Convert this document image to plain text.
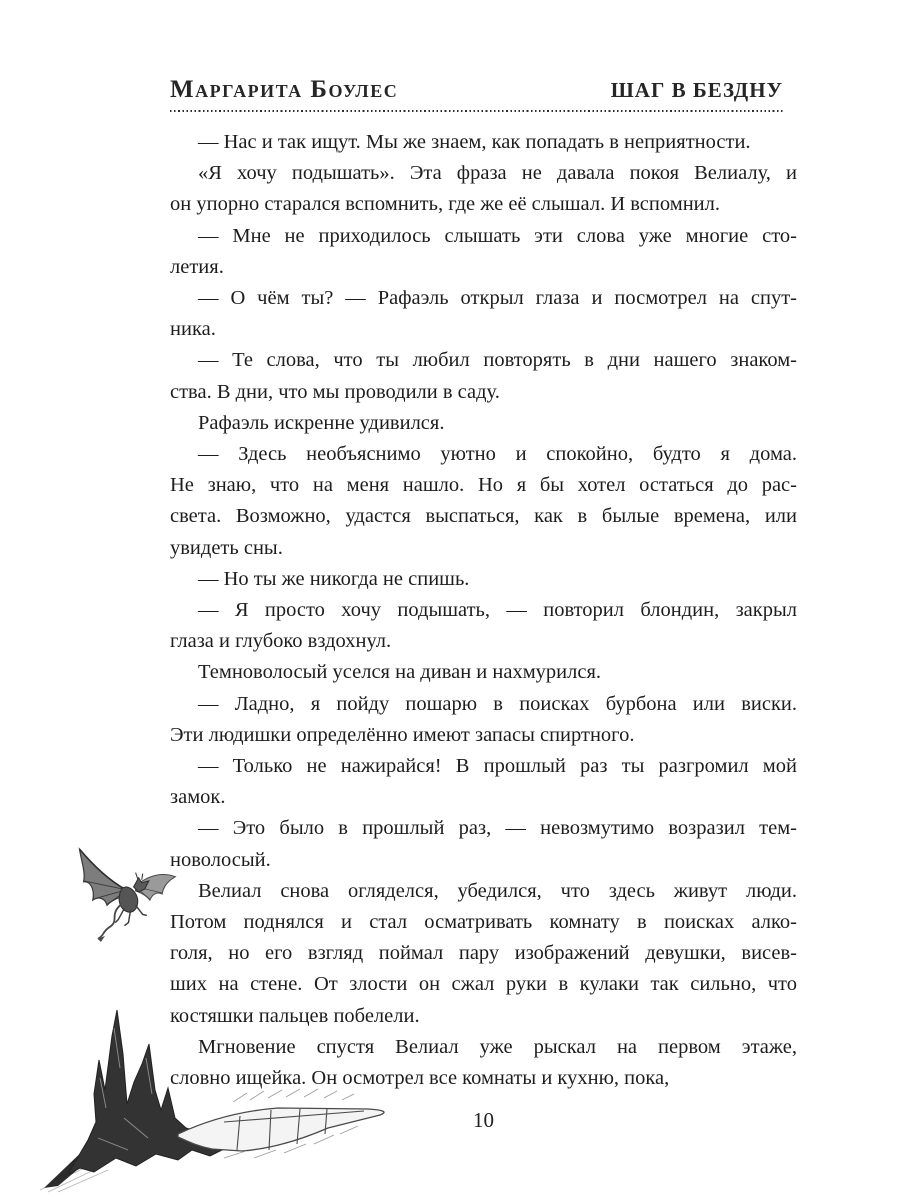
Маргарита Боулес	ШАГ В БЕЗДНУ

— Нас и так ищут. Мы же знаем, как попадать в неприятности.

«Я хочу подышать». Эта фраза не давала покоя Велиалу, и
он упорно старался вспомнить, где же её слышал. И вспомнил.

— Мне не приходилось слышать эти слова уже многие сто-
летия.

— О чём ты? — Рафаэль открыл глаза и посмотрел на спут-
ника.

— Те слова, что ты любил повторять в дни нашего знаком-
ства. В дни, что мы проводили в саду.

Рафаэль искренне удивился.

— Здесь необъяснимо уютно и спокойно, будто я дома.
Не знаю, что на меня нашло. Но я бы хотел остаться до рас-
света. Возможно, удастся выспаться, как в былые времена, или
увидеть сны.

— Но ты же никогда не спишь.

— Я просто хочу подышать, — повторил блондин, закрыл
глаза и глубоко вздохнул.

Темноволосый уселся на диван и нахмурился.

— Ладно, я пойду пошарю в поисках бурбона или виски.
Эти людишки определённо имеют запасы спиртного.

— Только не нажирайся! В прошлый раз ты разгромил мой
замок.

— Это было в прошлый раз, — невозмутимо возразил тем-
новолосый.

Велиал снова огляделся, убедился, что здесь живут люди.
Потом поднялся и стал осматривать комнату в поисках алко-
голя, но его взгляд поймал пару изображений девушки, висев-
ших на стене. От злости он сжал руки в кулаки так сильно, что
костяшки пальцев побелели.

Мгновение спустя Велиал уже рыскал на первом этаже,
словно ищейка. Он осмотрел все комнаты и кухню, пока,

10
